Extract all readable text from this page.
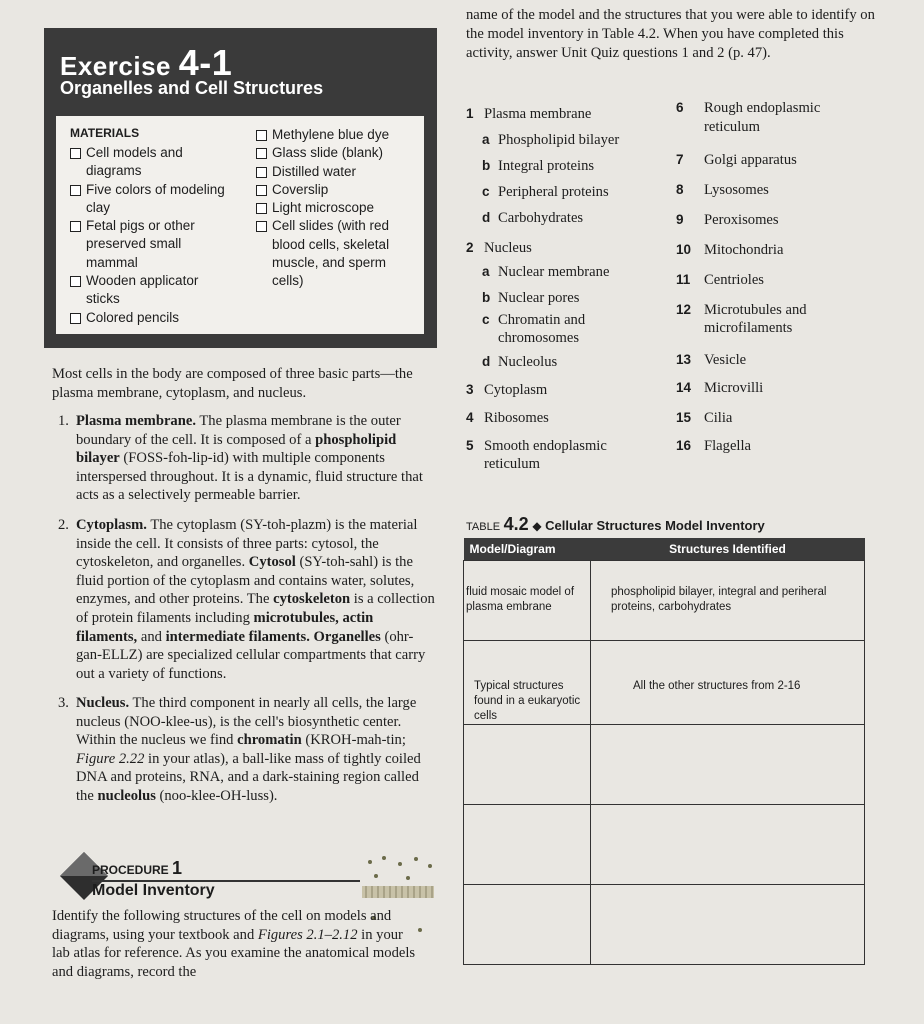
Exercise 4-1
Organelles and Cell Structures
MATERIALS
Cell models and diagrams
Five colors of modeling clay
Fetal pigs or other preserved small mammal
Wooden applicator sticks
Colored pencils
Methylene blue dye
Glass slide (blank)
Distilled water
Coverslip
Light microscope
Cell slides (with red blood cells, skeletal muscle, and sperm cells)
Most cells in the body are composed of three basic parts—the plasma membrane, cytoplasm, and nucleus.
1. Plasma membrane. The plasma membrane is the outer boundary of the cell. It is composed of a phospholipid bilayer (FOSS-foh-lip-id) with multiple components interspersed throughout. It is a dynamic, fluid structure that acts as a selectively permeable barrier.
2. Cytoplasm. The cytoplasm (SY-toh-plazm) is the material inside the cell. It consists of three parts: cytosol, the cytoskeleton, and organelles. Cytosol (SY-toh-sahl) is the fluid portion of the cytoplasm and contains water, solutes, enzymes, and other proteins. The cytoskeleton is a collection of protein filaments including microtubules, actin filaments, and intermediate filaments. Organelles (ohr-gan-ELLZ) are specialized cellular compartments that carry out a variety of functions.
3. Nucleus. The third component in nearly all cells, the large nucleus (NOO-klee-us), is the cell's biosynthetic center. Within the nucleus we find chromatin (KROH-mah-tin; Figure 2.22 in your atlas), a ball-like mass of tightly coiled DNA and proteins, RNA, and a dark-staining region called the nucleolus (noo-klee-OH-luss).
PROCEDURE 1
Model Inventory
Identify the following structures of the cell on models and diagrams, using your textbook and Figures 2.1–2.12 in your lab atlas for reference. As you examine the anatomical models and diagrams, record the
name of the model and the structures that you were able to identify on the model inventory in Table 4.2. When you have completed this activity, answer Unit Quiz questions 1 and 2 (p. 47).
1 Plasma membrane
a Phospholipid bilayer
b Integral proteins
c Peripheral proteins
d Carbohydrates
2 Nucleus
a Nuclear membrane
b Nuclear pores
c Chromatin and
chromosomes
d Nucleolus
3 Cytoplasm
4 Ribosomes
5 Smooth endoplasmic
reticulum
6 Rough endoplasmic
reticulum
7 Golgi apparatus
8 Lysosomes
9 Peroxisomes
10 Mitochondria
11 Centrioles
12 Microtubules and
microfilaments
13 Vesicle
14 Microvilli
15 Cilia
16 Flagella
TABLE 4.2 ◆ Cellular Structures Model Inventory
Model/Diagram	Structures Identified

fluid mosaic model of plasma embrane	phospholipid bilayer, integral and periheral proteins, carbohydrates

Typical structures found in a eukaryotic cells	All the other structures from 2-16
